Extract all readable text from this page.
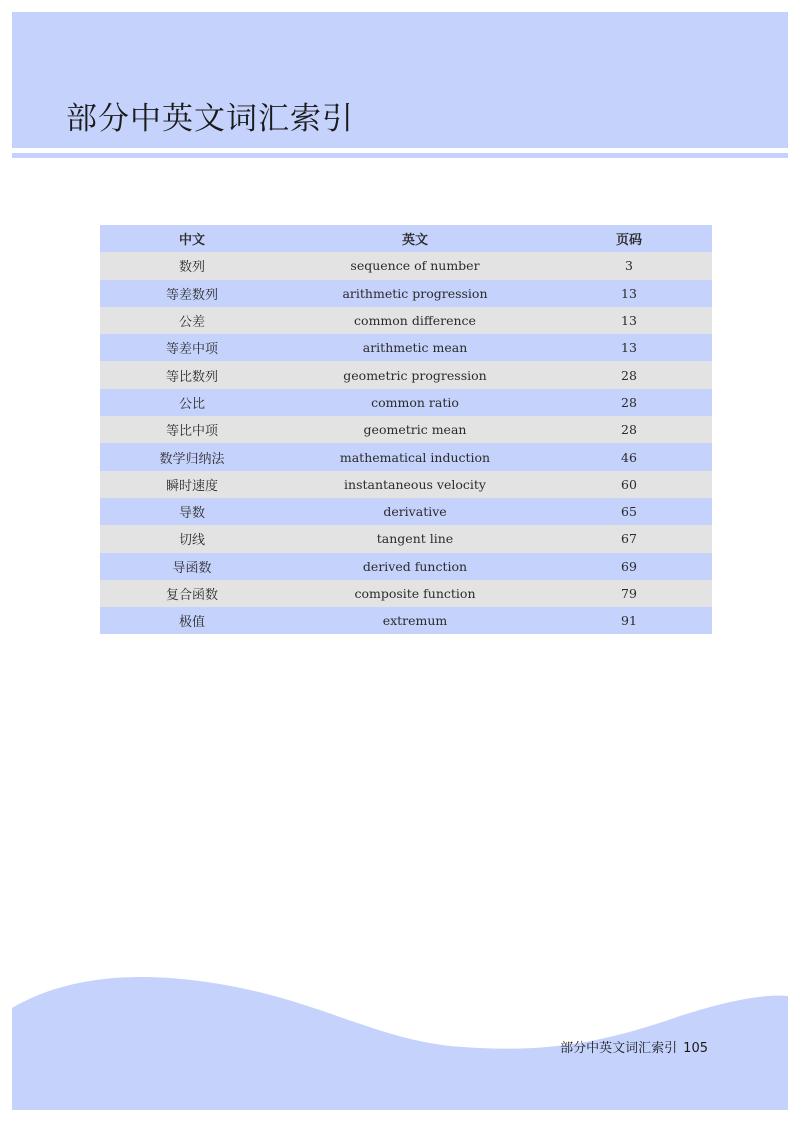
部分中英文词汇索引
中文	英文	页码
数列	sequence of number	3
等差数列	arithmetic progression	13
公差	common difference	13
等差中项	arithmetic mean	13
等比数列	geometric progression	28
公比	common ratio	28
等比中项	geometric mean	28
数学归纳法	mathematical induction	46
瞬时速度	instantaneous velocity	60
导数	derivative	65
切线	tangent line	67
导函数	derived function	69
复合函数	composite function	79
极值	extremum	91
部分中英文词汇索引 105
